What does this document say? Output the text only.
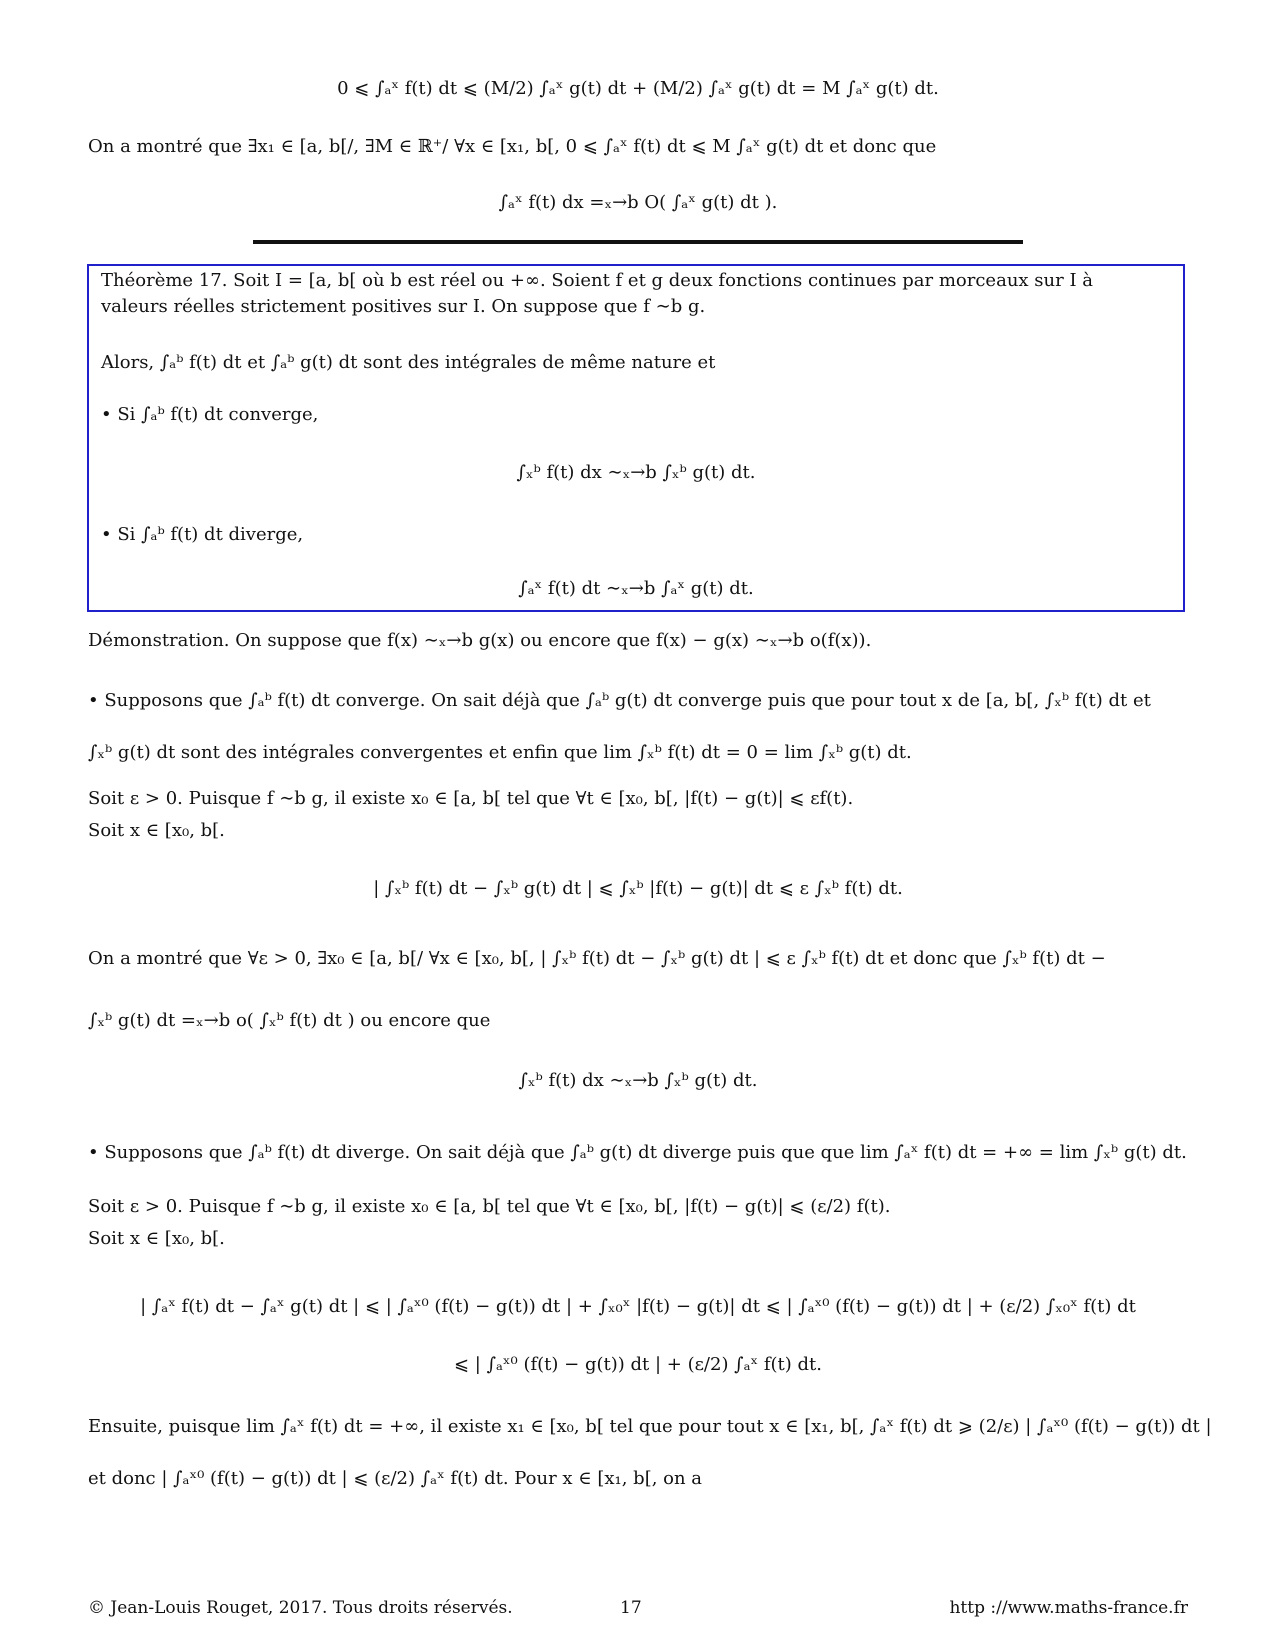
0 ⩽ ∫ₐˣ f(t) dt ⩽ (M/2) ∫ₐˣ g(t) dt + (M/2) ∫ₐˣ g(t) dt = M ∫ₐˣ g(t) dt.
On a montré que ∃x₁ ∈ [a, b[/, ∃M ∈ ℝ⁺/ ∀x ∈ [x₁, b[, 0 ⩽ ∫ₐˣ f(t) dt ⩽ M ∫ₐˣ g(t) dt et donc que
∫ₐˣ f(t) dx =ₓ→b O( ∫ₐˣ g(t) dt ).
Théorème 17. Soit I = [a, b[ où b est réel ou +∞. Soient f et g deux fonctions continues par morceaux sur I à
valeurs réelles strictement positives sur I. On suppose que f ∼b g.
Alors, ∫ₐᵇ f(t) dt et ∫ₐᵇ g(t) dt sont des intégrales de même nature et
• Si ∫ₐᵇ f(t) dt converge,
∫ₓᵇ f(t) dx ∼ₓ→b ∫ₓᵇ g(t) dt.
• Si ∫ₐᵇ f(t) dt diverge,
∫ₐˣ f(t) dt ∼ₓ→b ∫ₐˣ g(t) dt.
Démonstration. On suppose que f(x) ∼ₓ→b g(x) ou encore que f(x) − g(x) ∼ₓ→b o(f(x)).
• Supposons que ∫ₐᵇ f(t) dt converge. On sait déjà que ∫ₐᵇ g(t) dt converge puis que pour tout x de [a, b[, ∫ₓᵇ f(t) dt et
∫ₓᵇ g(t) dt sont des intégrales convergentes et enfin que lim ∫ₓᵇ f(t) dt = 0 = lim ∫ₓᵇ g(t) dt.
Soit ε > 0. Puisque f ∼b g, il existe x₀ ∈ [a, b[ tel que ∀t ∈ [x₀, b[, |f(t) − g(t)| ⩽ εf(t).
Soit x ∈ [x₀, b[.
| ∫ₓᵇ f(t) dt − ∫ₓᵇ g(t) dt | ⩽ ∫ₓᵇ |f(t) − g(t)| dt ⩽ ε ∫ₓᵇ f(t) dt.
On a montré que ∀ε > 0, ∃x₀ ∈ [a, b[/ ∀x ∈ [x₀, b[, | ∫ₓᵇ f(t) dt − ∫ₓᵇ g(t) dt | ⩽ ε ∫ₓᵇ f(t) dt et donc que ∫ₓᵇ f(t) dt −
∫ₓᵇ g(t) dt =ₓ→b o( ∫ₓᵇ f(t) dt ) ou encore que
∫ₓᵇ f(t) dx ∼ₓ→b ∫ₓᵇ g(t) dt.
• Supposons que ∫ₐᵇ f(t) dt diverge. On sait déjà que ∫ₐᵇ g(t) dt diverge puis que que lim ∫ₐˣ f(t) dt = +∞ = lim ∫ₓᵇ g(t) dt.
Soit ε > 0. Puisque f ∼b g, il existe x₀ ∈ [a, b[ tel que ∀t ∈ [x₀, b[, |f(t) − g(t)| ⩽ (ε/2) f(t).
Soit x ∈ [x₀, b[.
| ∫ₐˣ f(t) dt − ∫ₐˣ g(t) dt | ⩽ | ∫ₐˣ⁰ (f(t) − g(t)) dt | + ∫ₓ₀ˣ |f(t) − g(t)| dt ⩽ | ∫ₐˣ⁰ (f(t) − g(t)) dt | + (ε/2) ∫ₓ₀ˣ f(t) dt
⩽ | ∫ₐˣ⁰ (f(t) − g(t)) dt | + (ε/2) ∫ₐˣ f(t) dt.
Ensuite, puisque lim ∫ₐˣ f(t) dt = +∞, il existe x₁ ∈ [x₀, b[ tel que pour tout x ∈ [x₁, b[, ∫ₐˣ f(t) dt ⩾ (2/ε) | ∫ₐˣ⁰ (f(t) − g(t)) dt |
et donc | ∫ₐˣ⁰ (f(t) − g(t)) dt | ⩽ (ε/2) ∫ₐˣ f(t) dt. Pour x ∈ [x₁, b[, on a
© Jean-Louis Rouget, 2017. Tous droits réservés.	17	http ://www.maths-france.fr
